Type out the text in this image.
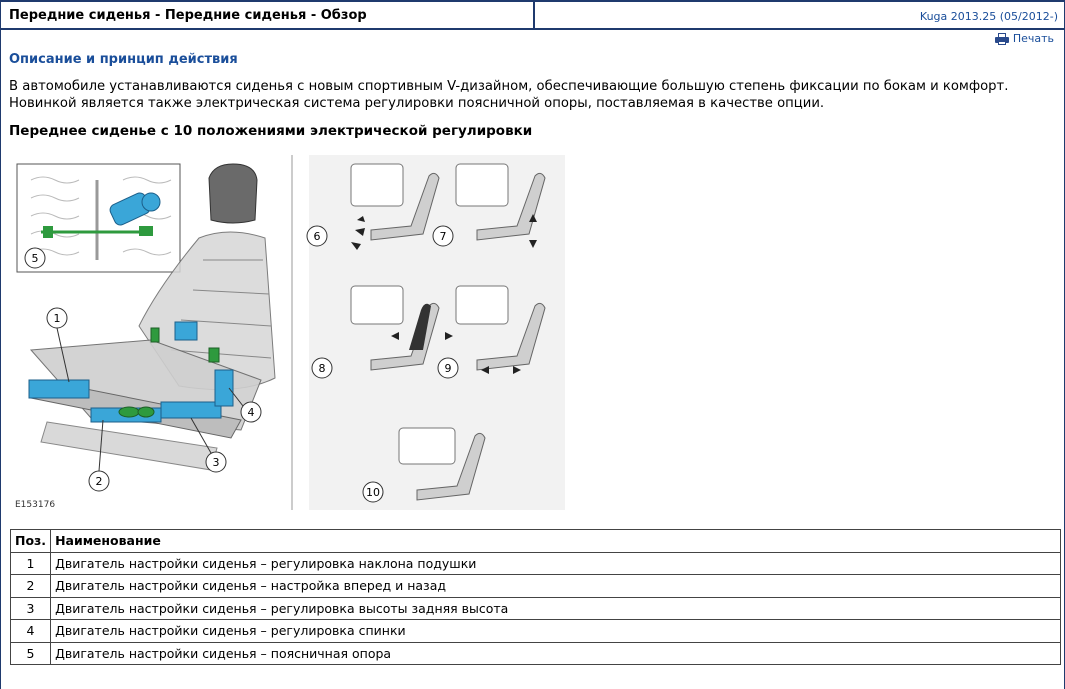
Передние сиденья - Передние сиденья - Обзор	Kuga 2013.25 (05/2012-)
Печать
Описание и принцип действия
В автомобиле устанавливаются сиденья с новым спортивным V-дизайном, обеспечивающие большую степень фиксации по бокам и комфорт. Новинкой является также электрическая система регулировки поясничной опоры, поставляемая в качестве опции.
Переднее сиденье с 10 положениями электрической регулировки
5
1
2
3
4
6	7
8	9
10
E153176
Поз.	Наименование
1	Двигатель настройки сиденья – регулировка наклона подушки
2	Двигатель настройки сиденья – настройка вперед и назад
3	Двигатель настройки сиденья – регулировка высоты задняя высота
4	Двигатель настройки сиденья – регулировка спинки
5	Двигатель настройки сиденья – поясничная опора
